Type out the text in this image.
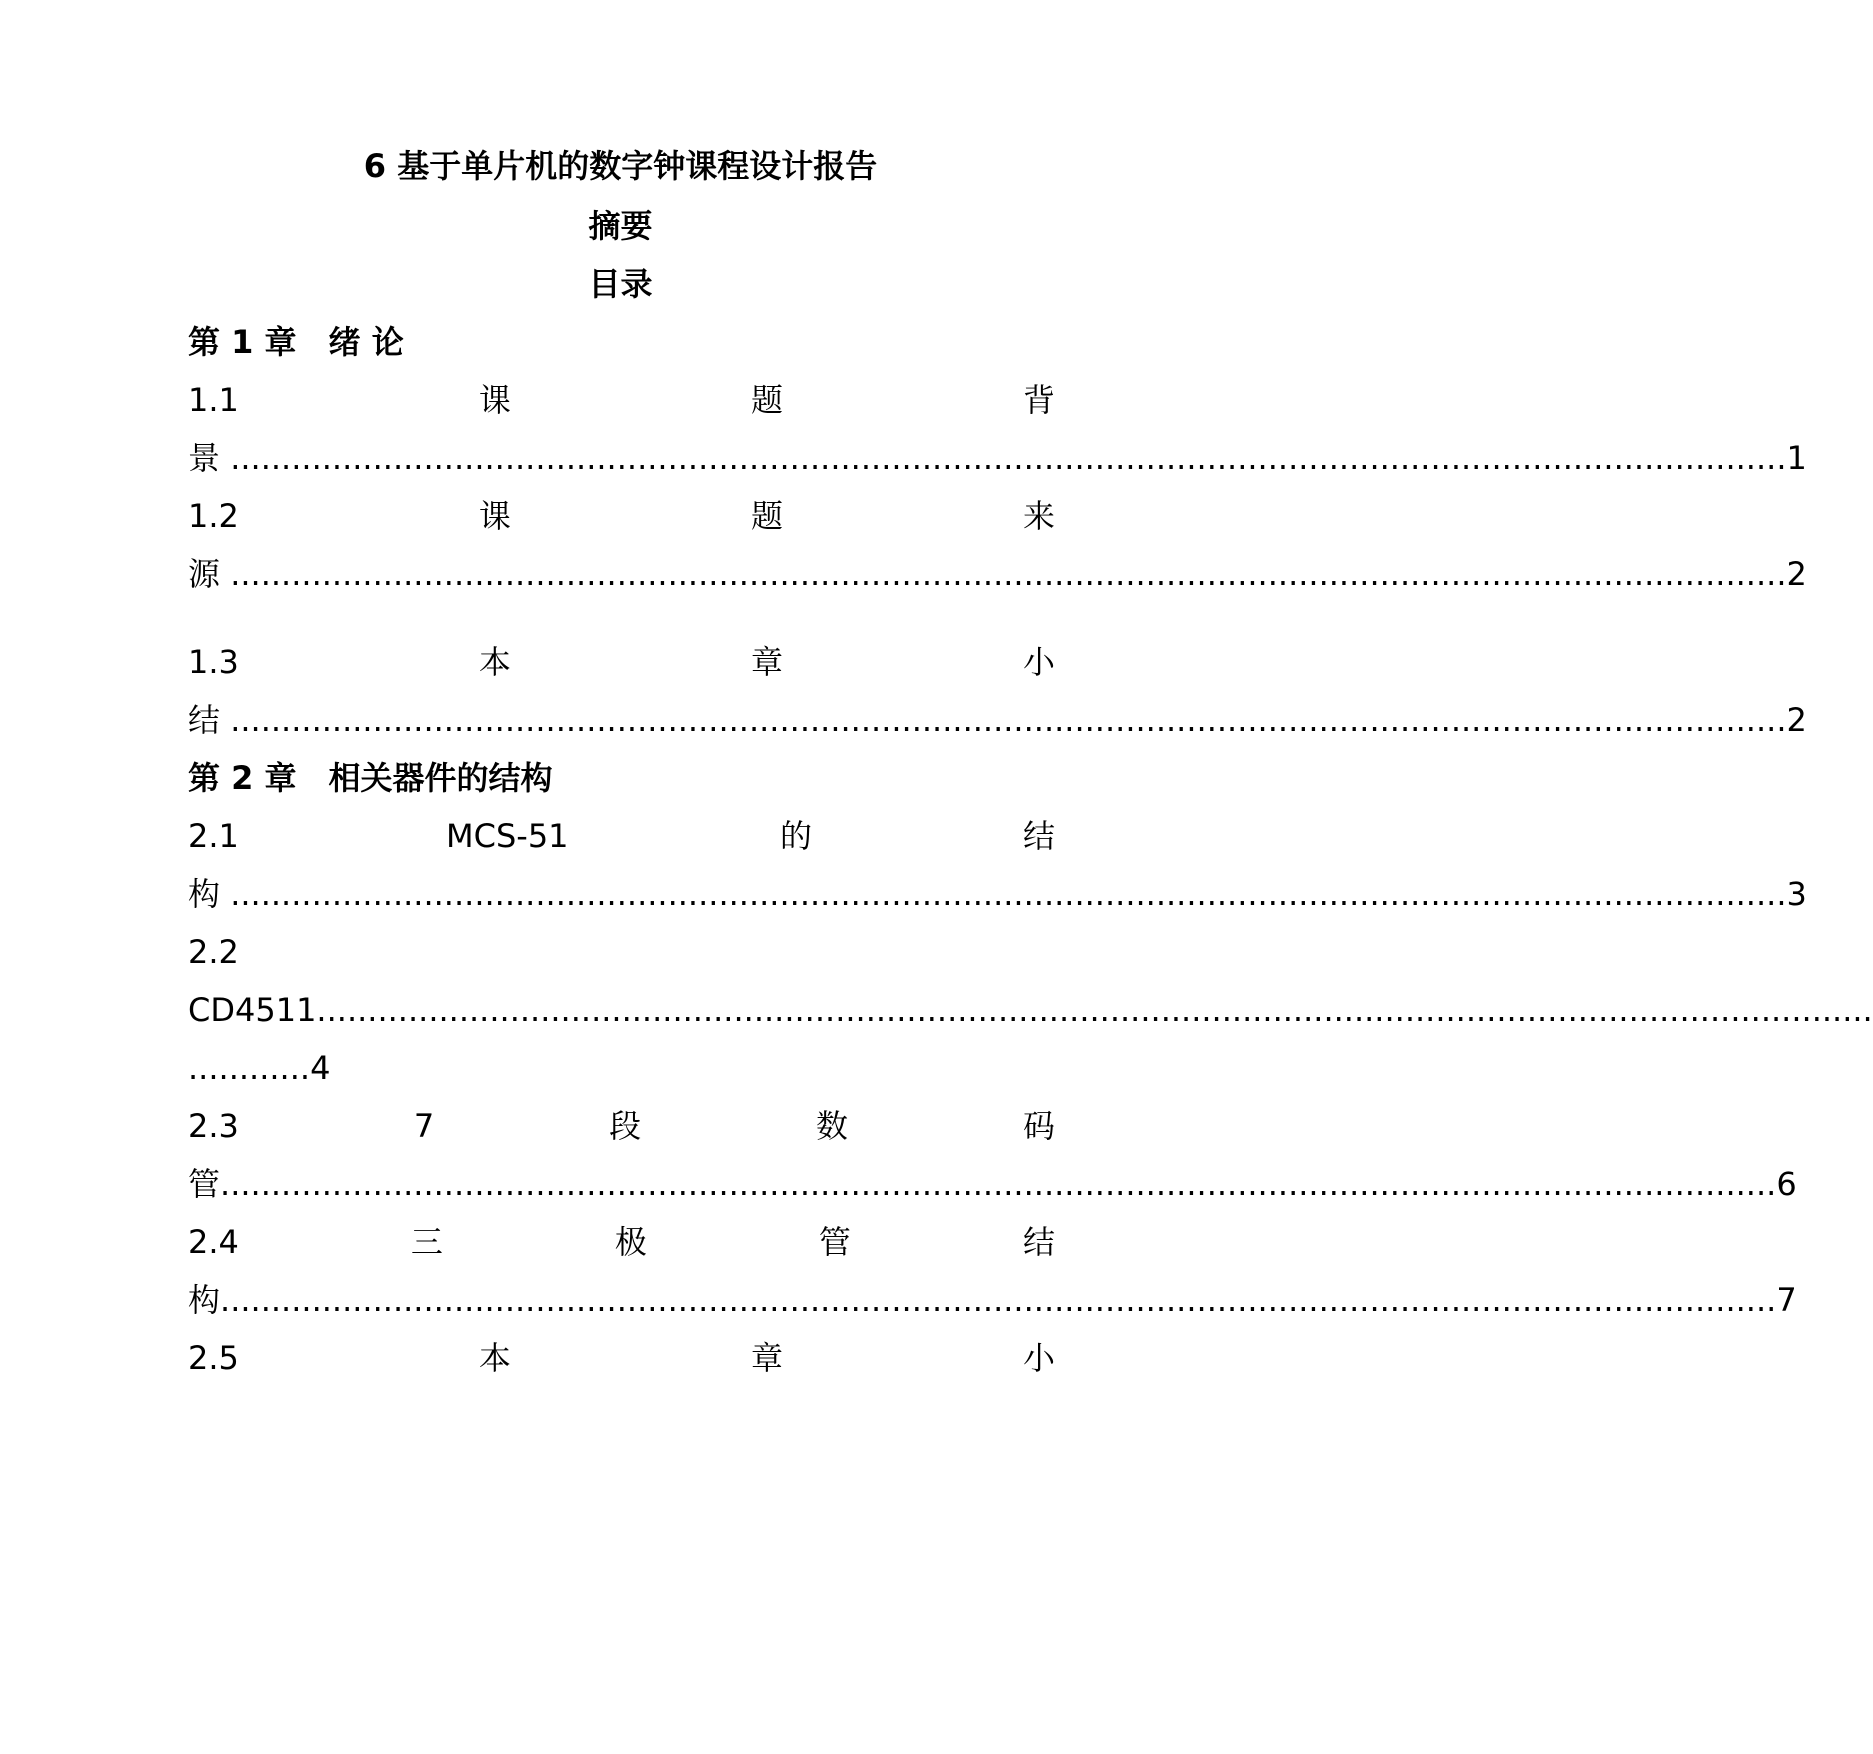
6 基于单片机的数字钟课程设计报告
摘要
目录
第 1 章　绪 论
1.1	课	题	背
景 ......................................................................................................................................................... 1
1.2	课	题	来
源 ......................................................................................................................................................... 2
1.3	本	章	小
结 ......................................................................................................................................................... 2
第 2 章　相关器件的结构
2.1	MCS-51	的	结
构 ......................................................................................................................................................... 3
2.2
CD4511 .........................................................................................................................................................
............4
2.3	7	段	数	码
管 ......................................................................................................................................................... 6
2.4	三	极	管	结
构 ......................................................................................................................................................... 7
2.5	本	章	小
